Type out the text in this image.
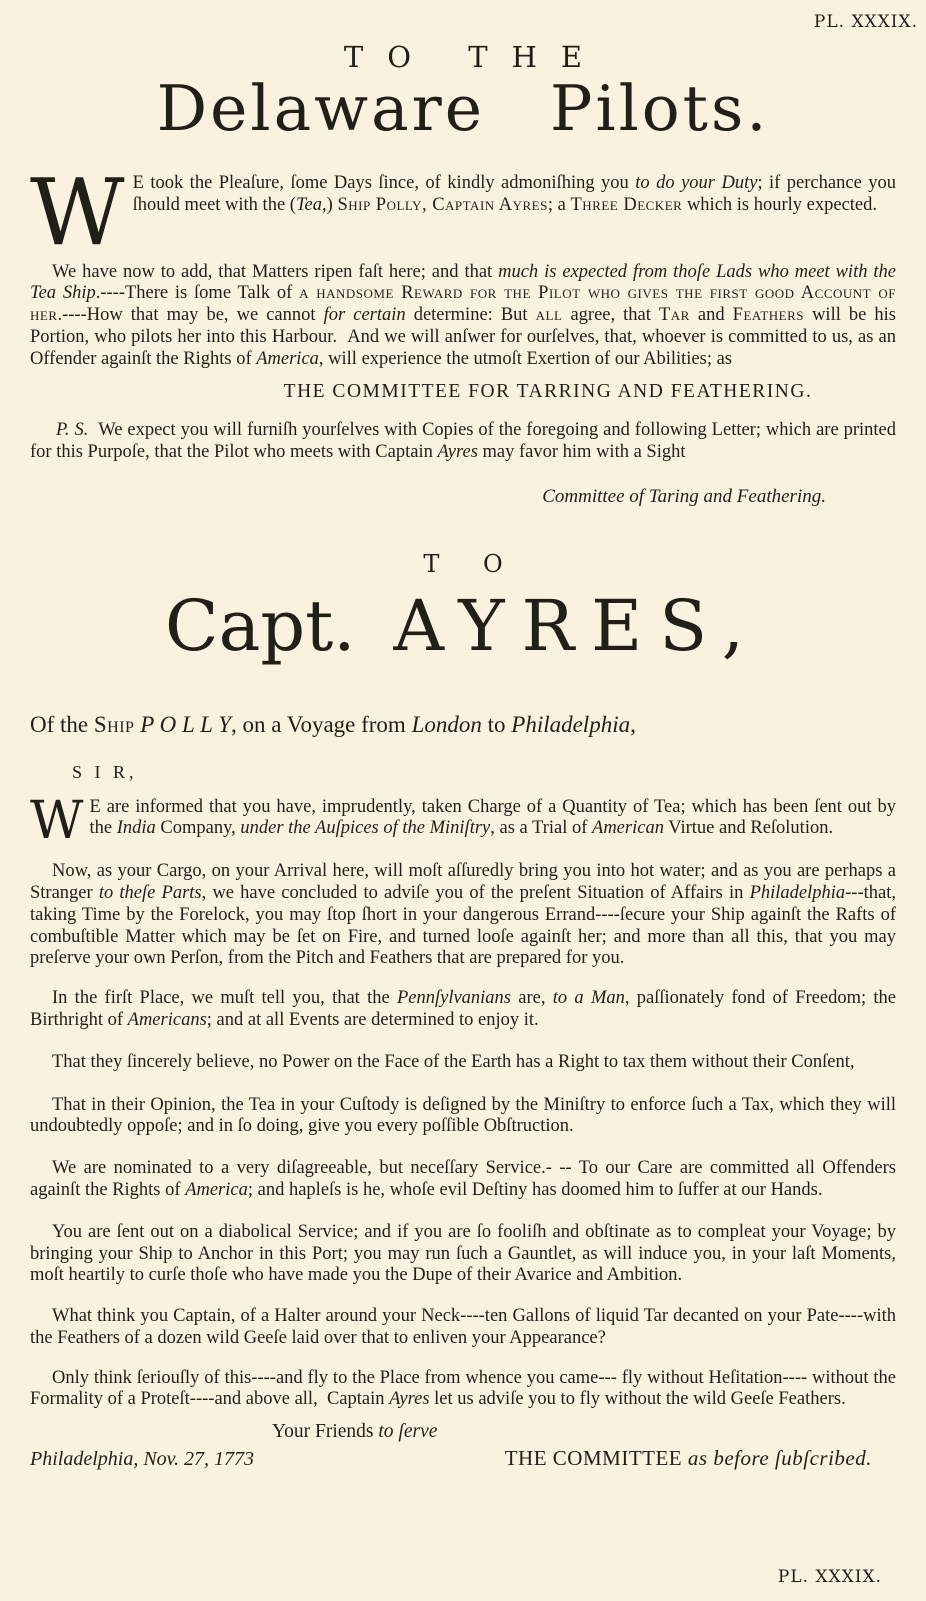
PL. XXXIX.
TO THE
Delaware Pilots.

W E took the Pleaſure, ſome Days ſince, of kindly admoniſhing you to do your Duty; if perchance you ſhould meet with the (Tea,) Ship Polly, Captain Ayres; a Three Decker which is hourly expected.

We have now to add, that Matters ripen faſt here; and that much is expected from thoſe Lads who meet with the Tea Ship.----There is ſome Talk of a handsome Reward for the Pilot who gives the first good Account of her.----How that may be, we cannot for certain determine: But all agree, that Tar and Feathers will be his Portion, who pilots her into this Harbour.  And we will anſwer for ourſelves, that, whoever is committed to us, as an Offender againſt the Rights of America, will experience the utmoſt Exertion of our Abilities; as

THE COMMITTEE FOR TARRING AND FEATHERING.

P. S.  We expect you will furniſh yourſelves with Copies of the foregoing and following Letter; which are printed for this Purpoſe, that the Pilot who meets with Captain Ayres may favor him with a Sight

Committee of Taring and Feathering.

T O
Capt. AYRES,

Of the Ship P O L L Y, on a Voyage from London to Philadelphia,

S I R,

W E are informed that you have, imprudently, taken Charge of a Quantity of Tea; which has been ſent out by the India Company, under the Auſpices of the Miniſtry, as a Trial of American Virtue and Reſolution.

Now, as your Cargo, on your Arrival here, will moſt aſſuredly bring you into hot water; and as you are perhaps a Stranger to theſe Parts, we have concluded to adviſe you of the preſent Situation of Affairs in Philadelphia---that, taking Time by the Forelock, you may ſtop ſhort in your dangerous Errand----ſecure your Ship againſt the Rafts of combuſtible Matter which may be ſet on Fire, and turned looſe againſt her; and more than all this, that you may preſerve your own Perſon, from the Pitch and Feathers that are prepared for you.

In the firſt Place, we muſt tell you, that the Pennſylvanians are, to a Man, paſſionately fond of Freedom; the Birthright of Americans; and at all Events are determined to enjoy it.

That they ſincerely believe, no Power on the Face of the Earth has a Right to tax them without their Conſent,

That in their Opinion, the Tea in your Cuſtody is deſigned by the Miniſtry to enforce ſuch a Tax, which they will undoubtedly oppoſe; and in ſo doing, give you every poſſible Obſtruction.

We are nominated to a very diſagreeable, but neceſſary Service.- -- To our Care are committed all Offenders againſt the Rights of America; and hapleſs is he, whoſe evil Deſtiny has doomed him to ſuffer at our Hands.

You are ſent out on a diabolical Service; and if you are ſo fooliſh and obſtinate as to compleat your Voyage; by bringing your Ship to Anchor in this Port; you may run ſuch a Gauntlet, as will induce you, in your laſt Moments, moſt heartily to curſe thoſe who have made you the Dupe of their Avarice and Ambition.

What think you Captain, of a Halter around your Neck----ten Gallons of liquid Tar decanted on your Pate----with the Feathers of a dozen wild Geeſe laid over that to enliven your Appearance?

Only think ſeriouſly of this----and fly to the Place from whence you came--- fly without Heſitation---- without the Formality of a Proteſt----and above all,  Captain Ayres let us adviſe you to fly without the wild Geeſe Feathers.

Your Friends to ſerve

Philadelphia, Nov. 27, 1773	THE COMMITTEE as before ſubſcribed.
PL. XXXIX.
